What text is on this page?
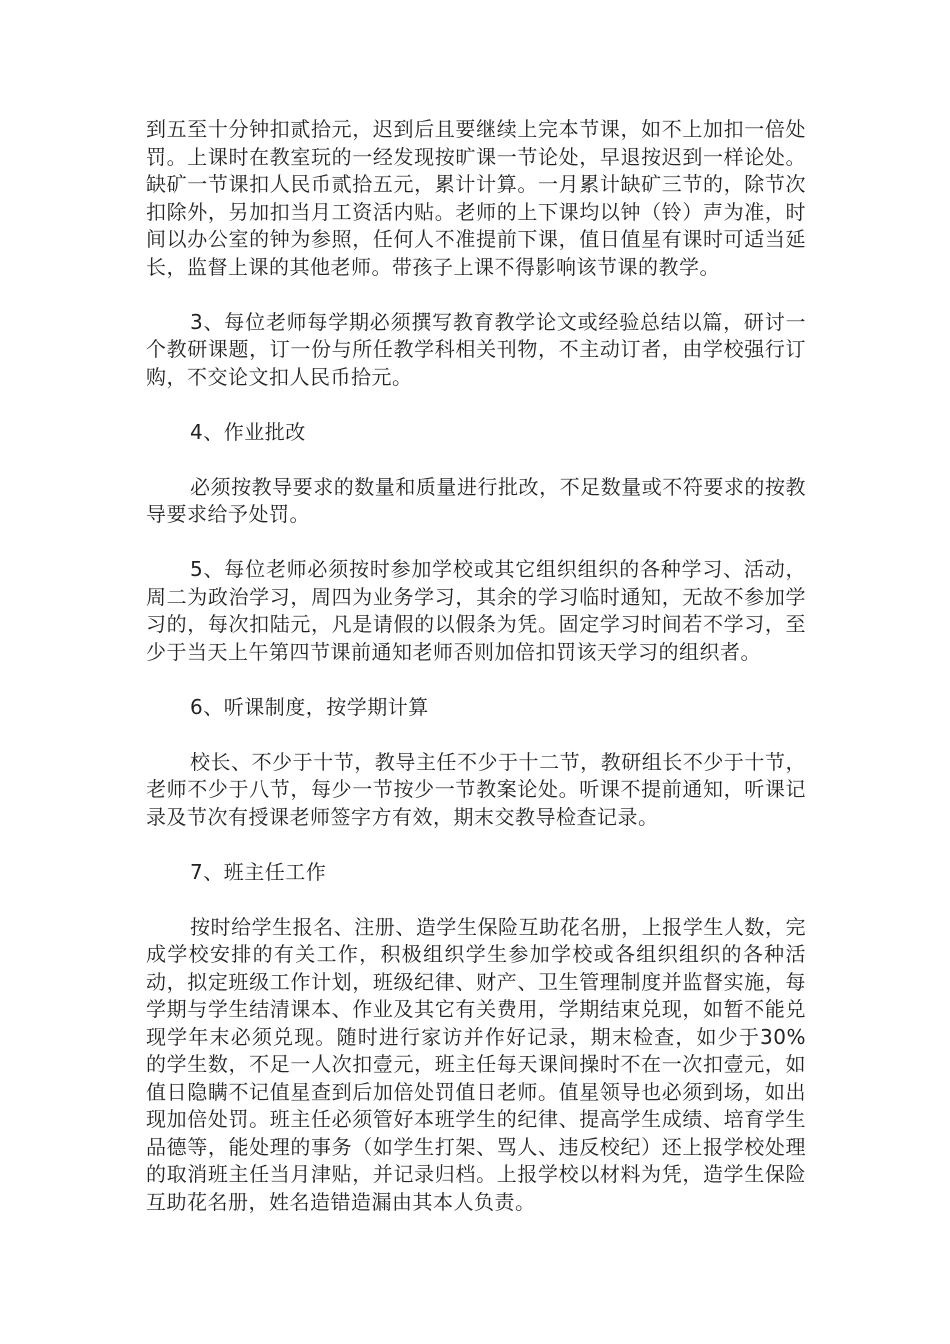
到五至十分钟扣贰拾元，迟到后且要继续上完本节课，如不上加扣一倍处罚。上课时在教室玩的一经发现按旷课一节论处，早退按迟到一样论处。缺矿一节课扣人民币贰拾五元，累计计算。一月累计缺矿三节的，除节次扣除外，另加扣当月工资活内贴。老师的上下课均以钟（铃）声为准，时间以办公室的钟为参照，任何人不准提前下课，值日值星有课时可适当延长，监督上课的其他老师。带孩子上课不得影响该节课的教学。

3、每位老师每学期必须撰写教育教学论文或经验总结以篇，研讨一个教研课题，订一份与所任教学科相关刊物，不主动订者，由学校强行订购，不交论文扣人民币拾元。

4、作业批改

必须按教导要求的数量和质量进行批改，不足数量或不符要求的按教导要求给予处罚。

5、每位老师必须按时参加学校或其它组织组织的各种学习、活动，周二为政治学习，周四为业务学习，其余的学习临时通知，无故不参加学习的，每次扣陆元，凡是请假的以假条为凭。固定学习时间若不学习，至少于当天上午第四节课前通知老师否则加倍扣罚该天学习的组织者。

6、听课制度，按学期计算

校长、不少于十节，教导主任不少于十二节，教研组长不少于十节，老师不少于八节，每少一节按少一节教案论处。听课不提前通知，听课记录及节次有授课老师签字方有效，期末交教导检查记录。

7、班主任工作

按时给学生报名、注册、造学生保险互助花名册，上报学生人数，完成学校安排的有关工作，积极组织学生参加学校或各组织组织的各种活动，拟定班级工作计划，班级纪律、财产、卫生管理制度并监督实施，每学期与学生结清课本、作业及其它有关费用，学期结束兑现，如暂不能兑现学年末必须兑现。随时进行家访并作好记录，期末检查，如少于30%的学生数，不足一人次扣壹元，班主任每天课间操时不在一次扣壹元，如值日隐瞒不记值星查到后加倍处罚值日老师。值星领导也必须到场，如出现加倍处罚。班主任必须管好本班学生的纪律、提高学生成绩、培育学生品德等，能处理的事务（如学生打架、骂人、违反校纪）还上报学校处理的取消班主任当月津贴，并记录归档。上报学校以材料为凭，造学生保险互助花名册，姓名造错造漏由其本人负责。
